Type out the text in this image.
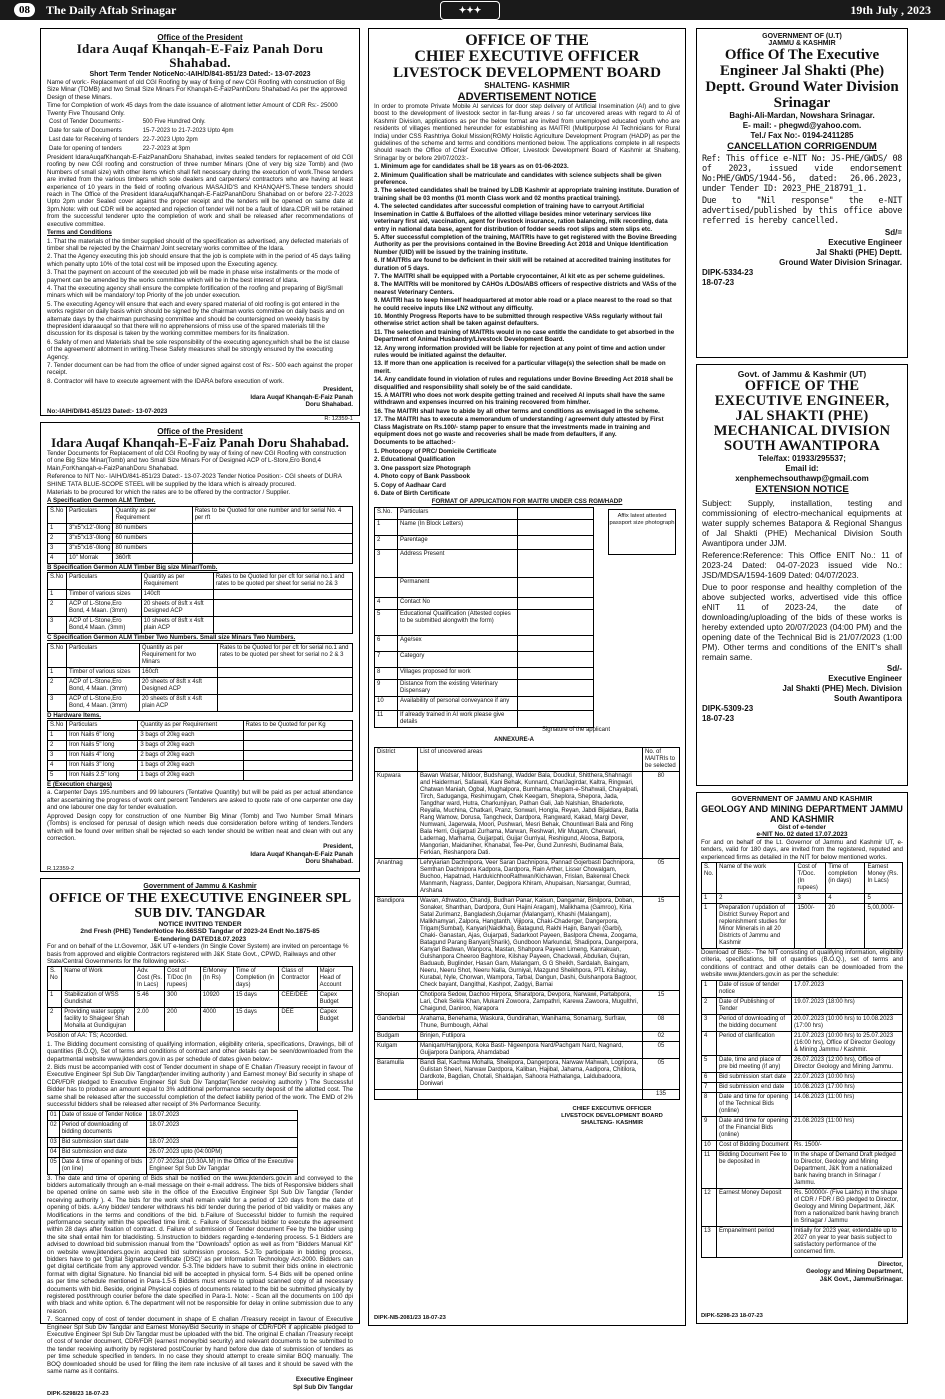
08	The Daily Aftab Srinagar	✦✦✦	19th July , 2023
Office of the President
Idara Auqaf Khanqah-E-Faiz Panah Doru Shahabad.
Short Term Tender NoticeNo:-IAIH/D/841-851/23 Dated:- 13-07-2023

Name of work:- Replacement of old CGI Roofing by way of fixing of new CGI Roofing with construction of Big Size Minar (TOMB) and two Small Size Minars For Khanqah-E-FaizPanhDoru Shahabad As per the approved Design of these Minars.

Time for Completion of work 45 days from the date issuance of allotment letter Amount of CDR Rs:- 25000 Twenty Five Thousand Only.

Cost of Tender Documents:-	500 Five Hundred Only.
Date for sale of Documents	15-7-2023 to 21-7-2023 Upto 4pm
Last date for Receiving of tenders	22-7-2023 Upto 2pm
Date for opening of tenders	22-7-2023 at 3pm

President IdaraAuqafKhanqah-E-FaizPanahDoru Shahabad, invites sealed tenders for replacement of old CGI roofing by new CGI roofing and construction of three number Minars (One of very big size Tomb) and (two Numbers of small size) with other items which shall felt necessary during the execution of work.These tenders are invited from the various timbers which sole dealers and carpenters/ contractors who are having at least experience of 10 years in the field of roofing ofvarious MASAJID'S and KHANQAH'S.These tenders should reach in The Office of the President IdaraAuqafKhanqah-E-FaizPanahDoru Shahabad on or before 22-7-2023 Upto 2pm under Sealed cover against the proper receipt and the tenders will be opened on same date at 3pm.Note: with out CDR will be accepted and rejection of tender will not be a fault of Idara.CDR will be retained from the successful tenderer upto the completion of work and shall be released after recommendations of executive committee.

Terms and Conditions

1. That the materials of the timber supplied should of the specification as advertised, any defected materials of timber shall be rejected by the Chairman/ Joint secretary works committee of the Idara.

2. That the Agency executing this job should ensure that the job is complete with in the period of 45 days failing which penalty upto 10% of the total cost will be imposed upon the Executing agency.

3. That the payment on account of the executed job will be made in phase wise installments or the mode of payment can be amended by the works committee which will be in the best interest of Idara.

4. That the executing agency shall ensure the complete fortification of the roofing and preparing of Big/Small minars which will be mandatory/ top Priority of the job under execution.

5. The executing Agency will ensure that each and every spared material of old roofing is got entered in the works register on daily basis which should be signed by the chairman works committee on daily basis and on alternate days by the chairman purchasing committee and should be countersigned on weekly basis by thepresident idaraauqaf so that there will no apprehensions of miss use of the spared materials till the discussion for its disposal is taken by the working committee members for its finalization.

6. Safety of men and Materials shall be sole responsibility of the executing agency,which shall be the ist clause of the agreement/ allotment in writing.These Safety measures shall be strongly ensured by the executing Agency.

7. Tender document can be had from the office of under signed against cost of Rs:- 500 each against the proper receipt.

8. Contractor will have to execute agreement with the IDARA before execution of work.

President,
Idara Auqaf Khanqah-E-Faiz Panah
Doru Shahabad.
No:-IAIH/D/841-851/23 Dated:- 13-07-2023
R: 12359-1
Office of the President
Idara Auqaf Khanqah-E-Faiz Panah Doru Shahabad.

Tender Documents for Replacement of old CGI Roofing by way of fixing of new CGI Roofing with construction of one Big Size Minar(Tomb) and two Small Size Minars For of Designed ACP of L-Store,Ero Bond,4 Main,ForKhanqah-e-FaizPanahDoru Shahabad.

Reference to NIT No:- IAIH/D/841-851/23 Dated:- 13-07-2023 Tender Notice Position:- CGI sheets of DURA SHINE TATA BLUE-SCOPE STEEL will be supplied by the Idara which is already procured.

Materials to be procured for which the rates are to be offered by the contractor / Supplier.

A Specification Germon ALM Timber.

S.No	Particulars	Quantity as per Requirement	Rates to be Quoted for one number and for serial No. 4 per rft
1	3"x5"x12'-0long	80 numbers	
2	3"x5"x13'-0long	60 numbers	
3	3"x5"x16'-0long	80 numbers	
4	10" Morrak	360rft	

B Specification Germon ALM Timber Big size Minar/Tomb.

S.No	Particulars	Quantity as per Requirement	Rates to be Quoted for per cft for serial no.1 and rates to be quoted per sheet for serial no 2& 3
1	Timber of various sizes	140cft	
2	ACP of L-Stone,Ero Bond, 4 Maan. (3mm)	20 sheets of 8sft x 4sft Designed ACP	
3	ACP of L-Stone,Ero Bond,4 Maan. (3mm)	10 sheets of 8sft x 4sft plain ACP	

C Specification Germon ALM Timber Two Numbers. Small size Minars Two Numbers.

S.No	Particulars	Quantity as per Requirement for two Minars	Rates to be Quoted for per cft for serial no.1 and rates to be quoted per sheet for serial no 2 & 3
1	Timber of various sizes	160cft	
2	ACP of L-Stone,Ero Bond, 4 Maan. (3mm)	20 sheets of 8sft x 4sft Designed ACP	
3	ACP of L-Stone,Ero Bond, 4 Maan. (3mm)	20 sheets of 8sft x 4sft plain ACP	

D Hardware Items.

S.No	Particulars	Quantity as per Requirement	Rates to be Quoted for per Kg
1	Iron Nails 6" long	3 bags of 20kg each	
2	Iron Nails 5" long	3 bags of 20kg each	
3	Iron Nails 4" long	2 bags of 20kg each	
4	Iron Nails 3" long	1 bags of 20kg each	
5	Iron Nails 2.5" long	1 bags of 20kg each	

E (Execution charges)

a. Carpenter Days 195.numbers and 99 labourers (Tentative Quantity) but will be paid as per actual attendance after ascertaining the progress of work cent percent Tenderers are asked to quote rate of one carpenter one day and one labourer one day for tender evaluation.

Approved Design copy for construction of one Number Big Minar (Tomb) and Two Number Small Minars (Tombs) is enclosed for perusal of design which needs due consideration before writing of tenders.Tenders which will be found over written shall be rejected so each tender should be written neat and clean with out any correction.

President,
Idara Auqaf Khanqah-E-Faiz Panah
Doru Shahabad.
R.12359-2
Government of Jammu & Kashmir
OFFICE OF THE EXECUTIVE ENGINEER SPL SUB DIV. TANGDAR
NOTICE INVITING TENDER
2nd Fresh (PHE) TenderNotice No.66SSD Tangdar of 2023-24 Endt No.1875-85
E-tendering DATED18.07.2023

For and on behalf of the Lt.Governor, J&K UT e-tenders (In Single Cover System) are invited on percentage % basis from approved and eligible Contractors registered with J&K State Govt., CPWD, Railways and other State/Central Governments for the following works:-

S. No	Name of Work	Adv. Cost (Rs. In Lacs)	Cost of T/Doc (In rupees)	E/Money (In Rs)	Time of Completion (in days)	Class of Contractor	Major Head of Account
1	Stabilization of WSS Gundishat	5.46	300	10920	15 days	CEE/DEE	Capex Budget
2	Providing water supply facility to Shaigeer Shah Mohalla at Gundigujran	2.00	200	4000	15 days	DEE	Capex Budget

Position of AA: TS; Accorded.

1. The Bidding document consisting of qualifying information, eligibility criteria, specifications, Drawings, bill of quantities (B.O.Q), Set of terms and conditions of contract and other details can be seen/downloaded from the departmental website www.jktenders.gov.in as per schedule of dates given below:-

2. Bids must be accompanied with cost of Tender document in shape of E Challan /Treasury receipt in favour of Executive Engineer Spl Sub Div Tangdar(tender inviting authority ) and Earnest money/ Bid security in shape of CDR/FDR pledged to Executive Engineer Spl Sub Div Tangdar(Tender receiving authority ) The Successful Bidder has to produce an amount equal to 3% additional performance security deposit of the allotted cost. The same shall be released after the successful completion of the defect liability period of the work. The EMD of 2% successful bidders shall be released after receipt of 3% Performance Security.

01	Date of issue of Tender Notice	18.07.2023
02	Period of downloading of bidding documents	18.07.2023
03	Bid submission start date	18.07.2023
04	Bid submission end date	26.07.2023 upto (04:00PM)
05	Date & time of opening of bids (on line)	27.07.2023at (10.30A.M) in the Office of the Executive Engineer Spl Sub Div Tangdar

3. The date and time of opening of Bids shall be notified on the www.jktenders.gov.in and conveyed to the bidders automatically through an e-mail message on their e-mail address. The bids of Responsive bidders shall be opened online on same web site in the office of the Executive Engineer Spl Sub Div Tangdar (Tender receiving authority ). 4. The bids for the work shall remain valid for a period of 120 days from the date of opening of bids. a.Any bidder/ tenderer withdraws his bid/ tender during the period of bid validity or makes any Modifications in the terms and conditions of the bid. b.Failure of Successful bidder to furnish the required performance security within the specified time limit. c. Failure of Successful bidder to execute the agreement within 28 days after fixation of contract. d. Failure of submission of Tender document Fee by the bidder using the site shall entail him for blacklisting. 5.Instruction to bidders regarding e-tendering process. 5-1 Bidders are advised to download bid submission manual from the "Downloads" option as well as from "Bidders Manual Kit" on website www.jktenders.gov.in acquired bid submission process. 5-2.To participate in bidding process, bidders have to get 'Digital Signature Certificate (DSC)' as per Information Technology Act-2000. Bidders can get digital certificate from any approved vendor. 5-3.The bidders have to submit their bids online in electronic format with digital Signature. No financial bid will be accepted in physical form. 5-4 Bids will be opened online as per time schedule mentioned in Para-1.5-5 Bidders must ensure to upload scanned copy of all necessary documents with bid. Beside, original Physical copies of documents related to the bid be submitted physically by registered post/through courier before the date specified in Para-1. Note: - Scan all the documents on 100 dpi with black and white option. 6.The department will not be responsible for delay in online submission due to any reason.

7. Scanned copy of cost of tender document in shape of E challan /Treasury receipt in favour of Executive Engineer Spl Sub Div Tangdar and Earnest Money/Bid Security in shape of CDR/FDR if applicable pledged to Executive Engineer Spl Sub Div Tangdar must be uploaded with the bid. The original E challan /Treasury receipt of cost of tender document, CDR/FDR (earnest money/bid security) and relevant documents to be submitted to the tender receiving authority by registered post/Courier by hand before due date of submission of tenders as per time schedule specified in tenders. In no case they should attempt to create similar BOQ manually. The BOQ downloaded should be used for filling the item rate inclusive of all taxes and it should be saved with the same name as it contains.

Executive Engineer
Spl Sub Div Tangdar
DIPK-5298/23 18-07-23
OFFICE OF THE
CHIEF EXECUTIVE OFFICER
LIVESTOCK DEVELOPMENT BOARD
SHALTENG- KASHMIR
ADVERTISEMENT NOTICE

In order to promote Private Mobile AI services for door step delivery of Artificial Insemination (AI) and to give boost to the development of livestock sector in far-flung areas / so far uncovered areas with regard to AI of Kashmir Division, applications as per the below format are invited from unemployed educated youth who are residents of villages mentioned hereunder for establishing as MAITRI (Multipurpose AI Technicians for Rural India) under CSS Rashtriya Gokul Mission(RGM)/ Holistic Agriculture Development Program (HADP) as per the guidelines of the scheme and terms and conditions mentioned below. The applications complete in all respects should reach the Office of Chief Executive Officer, Livestock Development Board of Kashmir at Shalteng, Srinagar by or before 29/07/2023:-

1. Minimum age for candidates shall be 18 years as on 01-06-2023.

2. Minimum Qualification shall be matriculate and candidates with science subjects shall be given preference.

3. The selected candidates shall be trained by LDB Kashmir at appropriate training institute. Duration of training shall be 03 months (01 month Class work and 02 months practical training).

4. The selected candidates after successful completion of training have to carryout Artificial Insemination in Cattle & Buffaloes of the allotted village besides minor veterinary services like veterinary first aid, vaccination, agent for livestock insurance, ration balancing, milk recording, data entry in national data base, agent for distribution of fodder seeds root slips and stem slips etc.

5. After successful completion of the training, MAITRIs have to get registered with the Bovine Breeding Authority as per the provisions contained in the Bovine Breeding Act 2018 and Unique Identification Number (UID) will be issued by the training institute.

6. If MAITRIs are found to be deficient in their skill will be retained at accredited training institutes for duration of 5 days.

7. The MAITRI shall be equipped with a Portable cryocontainer, AI kit etc as per scheme guidelines.

8. The MAITRIs will be monitored by CAHOs /LDOs/ABS officers of respective districts and VASs of the nearest Veterinary Centers.

9. MAITRI has to keep himself headquartered at motor able road or a place nearest to the road so that he could receive inputs like LN2 without any difficulty.

10. Monthly Progress Reports have to be submitted through respective VASs regularly without fail otherwise strict action shall be taken against defaulters.

11. The selection and training of MAITRIs would in no case entitle the candidate to get absorbed in the Department of Animal Husbandry/Livestock Development Board.

12. Any wrong information provided will be liable for rejection at any point of time and action under rules would be initiated against the defaulter.

13. If more than one application is received for a particular village(s) the selection shall be made on merit.

14. Any candidate found in violation of rules and regulations under Bovine Breeding Act 2018 shall be disqualified and responsibility shall solely be of the said candidate.

15. A MAITRI who does not work despite getting trained and received AI inputs shall have the same withdrawn and expenses incurred on his training recovered from him/her.

16. The MAITRI shall have to abide by all other terms and conditions as envisaged in the scheme.

17. The MAITRI has to execute a memorandum of understanding / agreement duly attested by First Class Magistrate on Rs.100/- stamp paper to ensure that the investments made in training and equipment does not go waste and recoveries shall be made from defaulters, if any.

Documents to be attached:-

1. Photocopy of PRC/ Domicile Certificate

2. Educational Qualification

3. One passport size Photograph

4. Photo copy of Bank Passbook

5. Copy of Aadhaar Card

6. Date of Birth Certificate

FORMAT OF APPLICATION FOR MAITRI UNDER CSS RGM/HADP

S.No.	Particulars	
1	Name (In Block Letters)	
2	Parentage	
3	Address Present	
	Permanent	
4	Contact No	
5	Educational Qualification (Attested copies to be submitted alongwith the form)	
6	Age/sex	
7	Category	
8	Villages proposed for work	
9	Distance from the existing Veterinary Dispensary	
10	Availability of personal conveyance if any	
11	If already trained in AI work please give details	
Affix latest attested passport size photograph
Signature of the applicant
ANNEXURE-A
District	List of uncovered areas	No. of MAITRIs to be selected
Kupwara	Bawan Watsar, Nildoor, Budshangi, Wadder Bala, Doudkul, Shitthera,Shahnagri and Haidermari, Safawali, Kani Behak, Kunnard, ChariJagirdar, Kaltra, Ringwari, Chatwan Maniah, Ogbal, Mughalpora, Bumhama, Mugam-e-Shahwali, Chayalpati, Tirch, Saduganga, Reshimugam, Chek Keegam, Sheplora, Shepora, Jada, Tangdhar ward, Hutra, Charkunjiyan, Pathan Gali, Jab Nalshian, Bhaderkote, Reyalla, Muchina, Chatkari, Pranz, Sonwari, Hongla, Reyan, Jabdi Bijaldara, Batla Rang Wamow, Dorusa, Tangcheck, Dardpora, Rangward, Kakad, Margi Dever, Numwani, Jagerwala, Moori, Pushwari, Mesri Behak, Chountiwari Bala and Ring Bala Herri, Gujjarpati Zurhama, Marwan, Reshwari, Mir Muqam, Cherwari, Ladernag, Marhama, Gujjarpati, Gujjar Gurriyal, Reshigund, Aloosa, Batpora, Mangorian, Maidaniher, Khanabal, Tee-Per, Gund Zunreshi, Budinamal Bala, Ferkian, Reshanpora Dati.	80
Anantnag	Lehryiarian Dachnipora, Veer Saran Dachnipora, Pannad Gojerbasti Dachnipora, Semthan Dachnipora Kadpora, Dardpora, Rain Arther, Lisser Chowalgam, Buchoo, Hapatnad, HardukichhooRathwan/Kichawan, Frislan, Bakerwal Check Manmanh, Nagrass, Danter, Degipora Khiram, Ahupaisan, Narsangar, Gumrad, Arshana	05
Bandipora	Wavan, Athwatoo, Chandji, Budhan Panar, Kaisun, Dangarnar, Binilpora, Doban, Sonaker, Shanthan, Dardpora, Guni Hajini Aragam), Malikhama (Gamroo), Kiria Satal Zurimanz, Bangladesh,Gujarnar (Malangam), Khashi (Malangam), Malikhamyari, Zalpora, Hangtanth, Vijipora, Chaki-Chaderger, Dangerpora, Trigam(Sumbal), Kanyari(Naidkhai), Batagund, Rakhi Hajin, Banyari (Garbi), Chaki- Ganastan, Ajas, Gujarpati, Sadarkoot Payeen, Baslpora Chewa, Zoogama, Batagund Parang Banyari(Sharik), Gundboon Markundal, Shadipora, Dangerpora, Kanyari Badwan, Wanpora, Mastan, Shahpora Payeen Limeng, Kanrakuan, Gulshanpora Cheeroo Baghtore, Kilshay Payeen, Chackwali, Abdulian, Gujran, Baduaub, Buglinder, Hasan Gam, Malangam, G G Sheikh, Sardalah, Baingam, Neeru, Neeru Shot, Neeru Nalla, Gurniyal, Mazgund Sheikhpora, PTL Kilshay, Kurabal, Nyle, Chorwan, Wampora, Tarbal, Dangun, Dashi, Gulshanpora Bagtoor, Check bayant, Dangithal, Kashpot, Zadgyi, Barnai	15
Shopian	Chotipora Sedow, Dachoo Hirpora, Sharatpora, Devpora, Narwawi, Partabpora, Lari, Chek Sekla Khan, Mukarni Zowoora, Zampathri, Karewa Zawoora, Mugulthri, Chaigund, Daniroo, Narapora	15
Ganderbal	Arahama, Benehama, Waskura, Gundirahan, Wanihama, Sonamarg, Surfraw, Thune, Burnbough, Akhal	08
Budgam	Brinjen, Futlipora	02
Kulgam	Maniqam/Hanjipora, Koka Basti- Nigeenpora Nard/Pachgam Nard, Nagnard, Gujjarpora Danipora, Ahamdabad	05
Baramulla	Bandi Bal, Kachwa Mohalla, Sheikpora, Dangerpora, Narwaw Mahwah, Logripora, Gulistan Sheeri, Narwaw Dardpora, Kaliban, Hajibal, Jahama, Aadipora, Chitilora, Dardkote, Bagdian, Chotali, Shaldajan, Sahoora Hathalanga, Laldubadoora, Doniwari	05
		135
CHIEF EXECUTIVE OFFICER
LIVESTOCK DEVELOPMENT BOARD
SHALTENG- KASHMIR
DIPK-NB-2081/23 18-07-23
GOVERNMENT OF (U.T)
JAMMU & KASHMIR
Office Of The Executive Engineer Jal Shakti (Phe) Deptt. Ground Water Division Srinagar
Baghi-Ali-Mardan, Nowshara Srinagar.
E- mail: - phegwd@yahoo.com.
Tel./ Fax No:- 0194-2411285
CANCELLATION CORRIGENDUM

Ref: This office e-NIT No: JS-PHE/GWDS/ 08 of 2023, issued vide endorsement No:PHE/GWDS/1944-56, dated: 26.06.2023, under Tender ID: 2023_PHE_218791_1.

Due to "Nil response" the e-NIT advertised/published by this office above referred is hereby cancelled.

Sd/=
Executive Engineer
Jal Shakti (PHE) Deptt.
Ground Water Division Srinagar.
DIPK-5334-23
18-07-23
Govt. of Jammu & Kashmir (UT)
OFFICE OF THE EXECUTIVE ENGINEER, JAL SHAKTI (PHE) MECHANICAL DIVISION SOUTH AWANTIPORA
Tele/fax: 01933/295537;
Email id:
xenphemechsouthawp@gmail.com
EXTENSION NOTICE

Subject: Supply, installation, testing and commissioning of electro-mechanical equipments at water supply schemes Batapora & Regional Shangus of Jal Shakti (PHE) Mechanical Division South Awantipora under JJM.

Reference:Reference: This Office ENIT No.: 11 of 2023-24 Dated: 04-07-2023 issued vide No.: JSD/MDSA/1594-1609 Dated: 04/07/2023.

Due to poor response and healthy completion of the above subjected works, advertised vide this office eNIT 11 of 2023-24, the date of downloading/uploading of the bids of these works is hereby extended upto 20/07/2023 (04:00 PM) and the opening date of the Technical Bid is 21/07/2023 (1:00 PM). Other terms and conditions of the ENIT's shall remain same.

Sd/-
Executive Engineer
Jal Shakti (PHE) Mech. Division
South Awantipora
DIPK-5309-23
18-07-23
GOVERNMENT OF JAMMU AND KASHMIR
GEOLOGY AND MINING DEPARTMENT JAMMU AND KASHMIR
Gist of e-tender
e-NIT No. 02 dated 17.07.2023

For and on behalf of the Lt. Governor of Jammu and Kashmir UT, e-tenders, valid for 180 days, are invited from the registered, reputed and experienced firms as detailed in the NIT for below mentioned works.

S. No.	Name of the work	Cost of T/Doc. (In rupees)	Time of completion (in days)	Earnest Money (Rs. In Lacs)
1	2	3	4	5
1	Preparation / updation of District Survey Report and replenishment studies for Minor Minerals in all 20 Districts of Jammu and Kashmir	1500/-	20	5,00,000/-

Download of Bids:- The NIT consisting of qualifying information, eligibility criteria, specifications, bill of quantities (B.O.Q.), set of terms and conditions of contract and other details can be downloaded from the website www.jktenders.gov.in as per the schedule:

1	Date of issue of tender notice	17.07.2023
2	Date of Publishing of Tender	19.07.2023 (18:00 hrs)
3	Period of downloading of the bidding document	20.07.2023 (10:00 hrs) to 10.08.2023 (17:00 hrs)
4	Period of clarification	21.07.2023 (10:00 hrs) to 25.07.2023 (16:00 hrs), Office of Director Geology & Mining Jammu / Kashmir.
5	Date, time and place of pre bid meeting (if any)	26.07.2023 (12:00 hrs), Office of Director Geology and Mining Jammu.
6	Bid submission start date	22.07.2023 (10:00 hrs)
7	Bid submission end date	10.08.2023 (17:00 hrs)
8	Date and time for opening of the Technical Bids (online)	14.08.2023 (11:00 hrs)
9	Date and time for opening of the Financial Bids (online)	21.08.2023 (11:00 hrs)
10	Cost of Bidding Document	Rs. 1500/-
11	Bidding Document Fee to be deposited in	In the shape of Demand Draft pledged to Director, Geology and Mining Department, J&K from a nationalized bank having branch in Srinagar / Jammu.
12	Earnest Money Deposit	Rs. 500000/- (Five Lakhs) in the shape of CDR / FDR / BG pledged to Director, Geology and Mining Department, J&K from a nationalized bank having branch in Srinagar / Jammu
13	Empanelment period	Initially for 2023 year, extendable up to 2027 on year to year basis subject to satisfactory performance of the concerned firm.
Director,
Geology and Mining Department,
J&K Govt., Jammu/Srinagar.
DIPK-5298-23 18-07-23
